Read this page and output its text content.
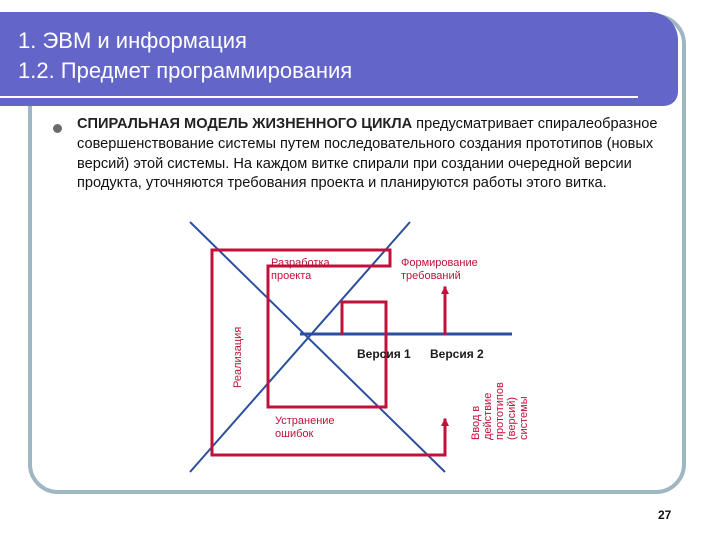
1. ЭВМ и информация
1.2. Предмет программирования
СПИРАЛЬНАЯ МОДЕЛЬ ЖИЗНЕННОГО ЦИКЛА предусматривает спиралеобразное совершенствование системы путем последовательного создания прототипов (новых версий) этой системы. На каждом витке спирали при создании очередной версии продукта, уточняются требования проекта и планируются работы этого витка.
Разработка
проекта
Формирование
требований
Реализация
Устранение
ошибок
Версия 1 Версия 2
Ввод в действие прототипов (версий) системы
27
